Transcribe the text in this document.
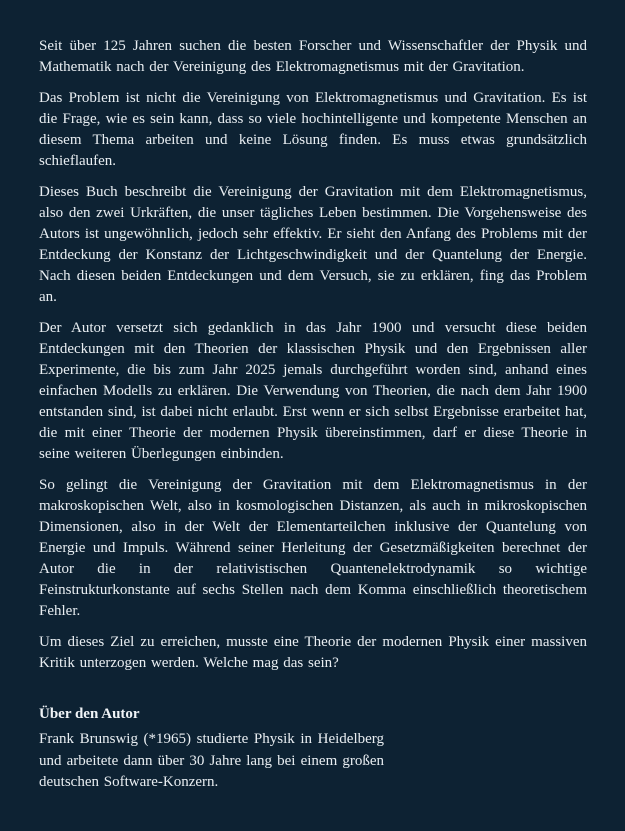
Seit über 125 Jahren suchen die besten Forscher und Wissenschaftler der Physik und Mathematik nach der Vereinigung des Elektromagnetismus mit der Gravitation.

Das Problem ist nicht die Vereinigung von Elektromagnetismus und Gravitation. Es ist die Frage, wie es sein kann, dass so viele hochintelligente und kompetente Menschen an diesem Thema arbeiten und keine Lösung finden. Es muss etwas grundsätzlich schieflaufen.

Dieses Buch beschreibt die Vereinigung der Gravitation mit dem Elektromagnetismus, also den zwei Urkräften, die unser tägliches Leben bestimmen. Die Vorgehensweise des Autors ist ungewöhnlich, jedoch sehr effektiv. Er sieht den Anfang des Problems mit der Entdeckung der Konstanz der Lichtgeschwindigkeit und der Quantelung der Energie. Nach diesen beiden Entdeckungen und dem Versuch, sie zu erklären, fing das Problem an.

Der Autor versetzt sich gedanklich in das Jahr 1900 und versucht diese beiden Entdeckungen mit den Theorien der klassischen Physik und den Ergebnissen aller Experimente, die bis zum Jahr 2025 jemals durchgeführt worden sind, anhand eines einfachen Modells zu erklären. Die Verwendung von Theorien, die nach dem Jahr 1900 entstanden sind, ist dabei nicht erlaubt. Erst wenn er sich selbst Ergebnisse erarbeitet hat, die mit einer Theorie der modernen Physik übereinstimmen, darf er diese Theorie in seine weiteren Überlegungen einbinden.

So gelingt die Vereinigung der Gravitation mit dem Elektromagnetismus in der makroskopischen Welt, also in kosmologischen Distanzen, als auch in mikroskopischen Dimensionen, also in der Welt der Elementarteilchen inklusive der Quantelung von Energie und Impuls. Während seiner Herleitung der Gesetzmäßigkeiten berechnet der Autor die in der relativistischen Quantenelektrodynamik so wichtige Feinstrukturkonstante auf sechs Stellen nach dem Komma einschließlich theoretischem Fehler.

Um dieses Ziel zu erreichen, musste eine Theorie der modernen Physik einer massiven Kritik unterzogen werden. Welche mag das sein?

Über den Autor

Frank Brunswig (*1965) studierte Physik in Heidelberg und arbeitete dann über 30 Jahre lang bei einem großen deutschen Software-Konzern.
